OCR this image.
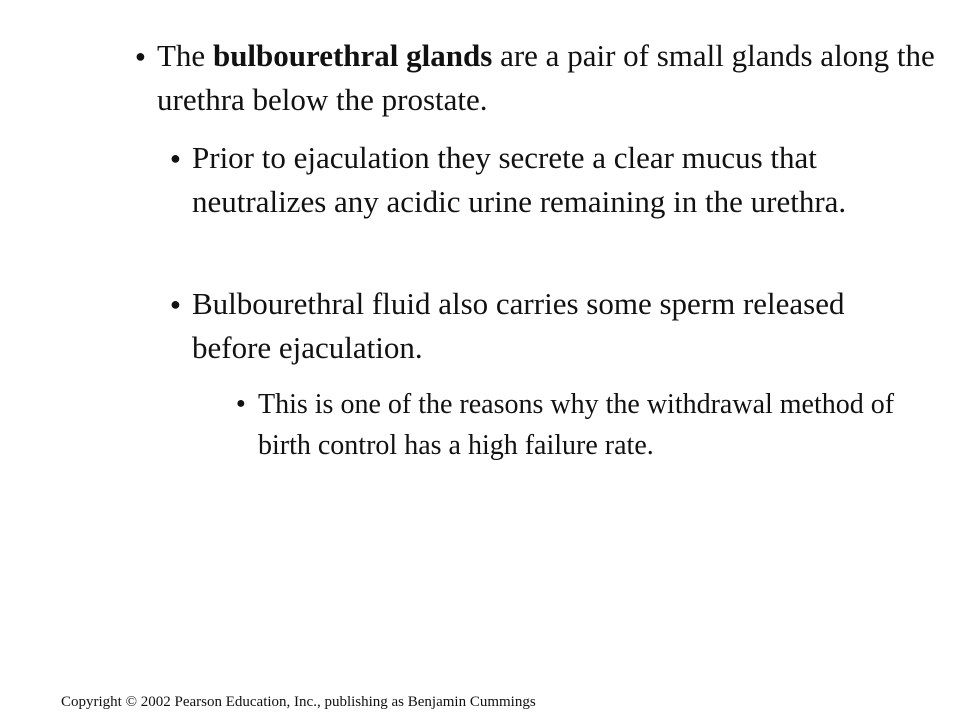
● The bulbourethral glands are a pair of small glands along the urethra below the prostate.
● Prior to ejaculation they secrete a clear mucus that neutralizes any acidic urine remaining in the urethra.
● Bulbourethral fluid also carries some sperm released before ejaculation.
● This is one of the reasons why the withdrawal method of birth control has a high failure rate.
Copyright © 2002 Pearson Education, Inc., publishing as Benjamin Cummings
